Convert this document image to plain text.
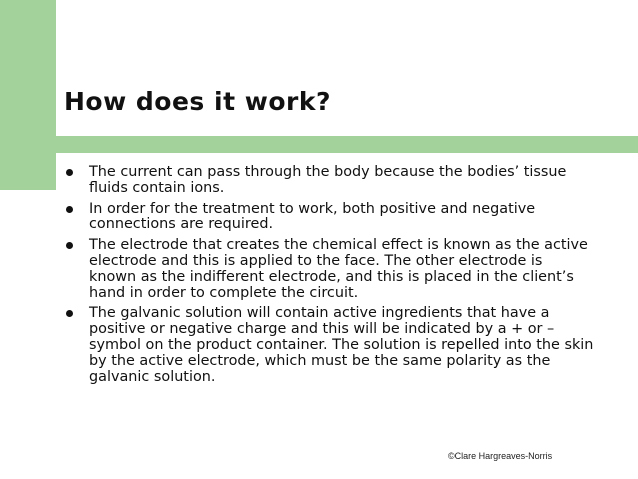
How does it work?
The current can pass through the body because the bodies’ tissue fluids contain ions.
In order for the treatment to work, both positive and negative connections are required.
The electrode that creates the chemical effect is known as the active electrode and this is applied to the face. The other electrode is known as the indifferent electrode, and this is placed in the client’s hand in order to complete the circuit.
The galvanic solution will contain active ingredients that have a positive or negative charge and this will be indicated by a + or – symbol on the product container. The solution is repelled into the skin by the active electrode, which must be the same polarity as the galvanic solution.
©Clare Hargreaves-Norris
